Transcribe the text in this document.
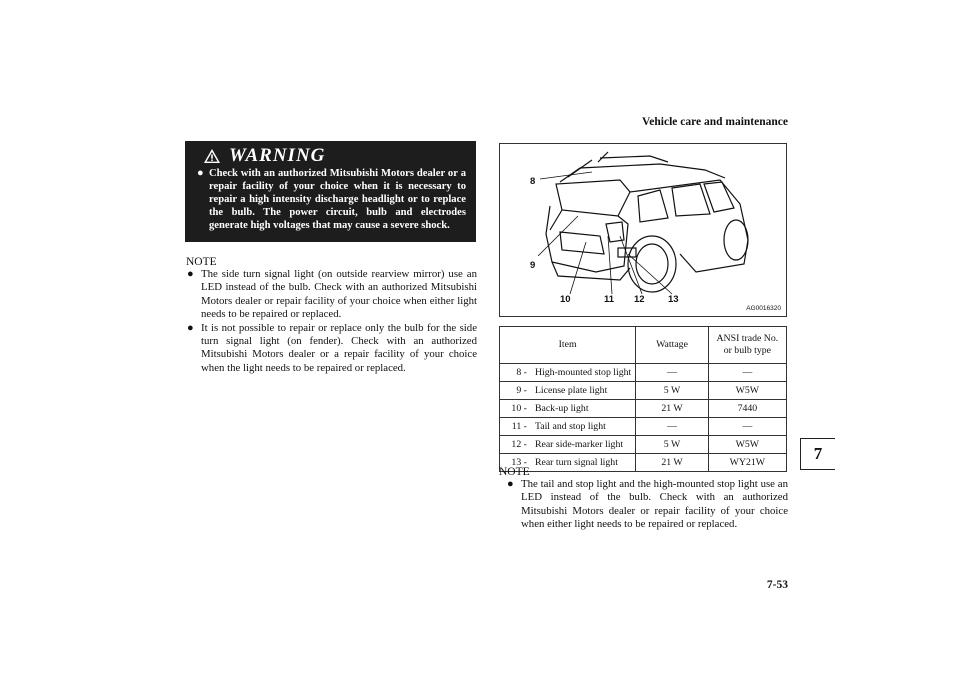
Vehicle care and maintenance
7-53
7
WARNING
● Check with an authorized Mitsubishi Motors dealer or a repair facility of your choice when it is necessary to repair a high intensity discharge headlight or to replace the bulb. The power circuit, bulb and electrodes generate high voltages that may cause a severe shock.
NOTE
● The side turn signal light (on outside rearview mirror) use an LED instead of the bulb. Check with an authorized Mitsubishi Motors dealer or repair facility of your choice when either light needs to be repaired or replaced.
● It is not possible to repair or replace only the bulb for the side turn signal light (on fender). Check with an authorized Mitsubishi Motors dealer or a repair facility of your choice when the light needs to be repaired or replaced.
8
9
10	11 12 13
AG0016320
Item		Wattage	ANSI trade No. or bulb type
8 -	High-mounted stop light	—	—
9 -	License plate light	5 W	W5W
10 -	Back-up light	21 W	7440
11 -	Tail and stop light	—	—
12 -	Rear side-marker light	5 W	W5W
13 -	Rear turn signal light	21 W	WY21W
NOTE
● The tail and stop light and the high-mounted stop light use an LED instead of the bulb. Check with an authorized Mitsubishi Motors dealer or repair facility of your choice when either light needs to be repaired or replaced.
